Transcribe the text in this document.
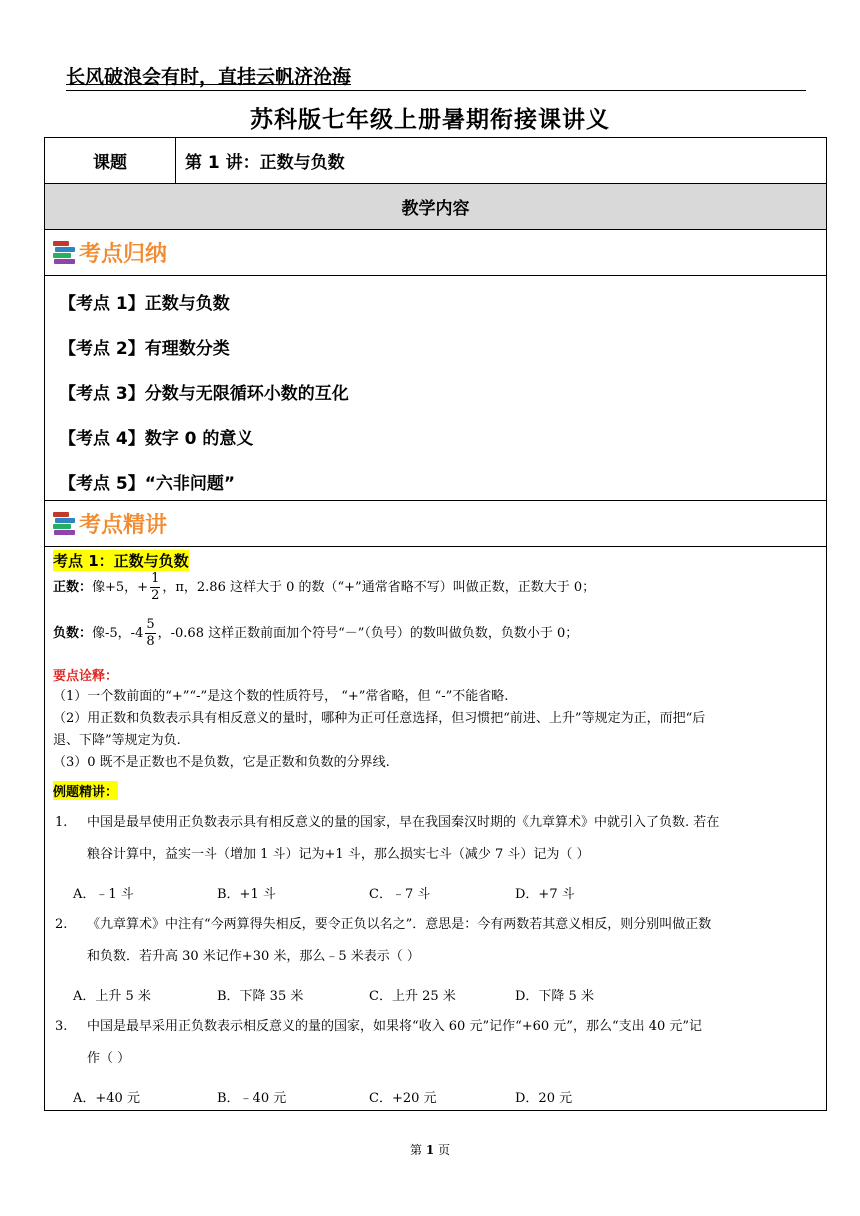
长风破浪会有时，直挂云帆济沧海
苏科版七年级上册暑期衔接课讲义
课题	第 1 讲：正数与负数
教学内容
考点归纳
【考点 1】正数与负数
【考点 2】有理数分类
【考点 3】分数与无限循环小数的互化
【考点 4】数字 0 的意义
【考点 5】“六非问题”
考点精讲
考点 1：正数与负数
正数：像+5，+ $\frac{1}{2}$ ，π，2.86 这样大于 0 的数（“+”通常省略不写）叫做正数，正数大于 0；
负数：像-5，$-4 \frac{5}{8}$ ，-0.68 这样正数前面加个符号“－”（负号）的数叫做负数，负数小于 0；
要点诠释：
（1）一个数前面的“+”“-”是这个数的性质符号， “+”常省略，但 “-”不能省略.
（2）用正数和负数表示具有相反意义的量时，哪种为正可任意选择，但习惯把“前进、上升”等规定为正，而把“后
退、下降”等规定为负.
（3）0 既不是正数也不是负数，它是正数和负数的分界线.
例题精讲：
1. 中国是最早使用正负数表示具有相反意义的量的国家，早在我国秦汉时期的《九章算术》中就引入了负数. 若在
粮谷计算中，益实一斗（增加 1 斗）记为+1 斗，那么损实七斗（减少 7 斗）记为（ ）
A．﹣1 斗	B．+1 斗	C．﹣7 斗	D．+7 斗
2. 《九章算术》中注有“今两算得失相反，要令正负以名之”．意思是：今有两数若其意义相反，则分别叫做正数
和负数．若升高 30 米记作+30 米，那么﹣5 米表示（ ）
A．上升 5 米	B．下降 35 米	C．上升 25 米	D．下降 5 米
3. 中国是最早采用正负数表示相反意义的量的国家，如果将“收入 60 元”记作“+60 元”，那么“支出 40 元”记
作（ ）
A．+40 元	B．﹣40 元	C．+20 元	D．20 元
第 1 页
